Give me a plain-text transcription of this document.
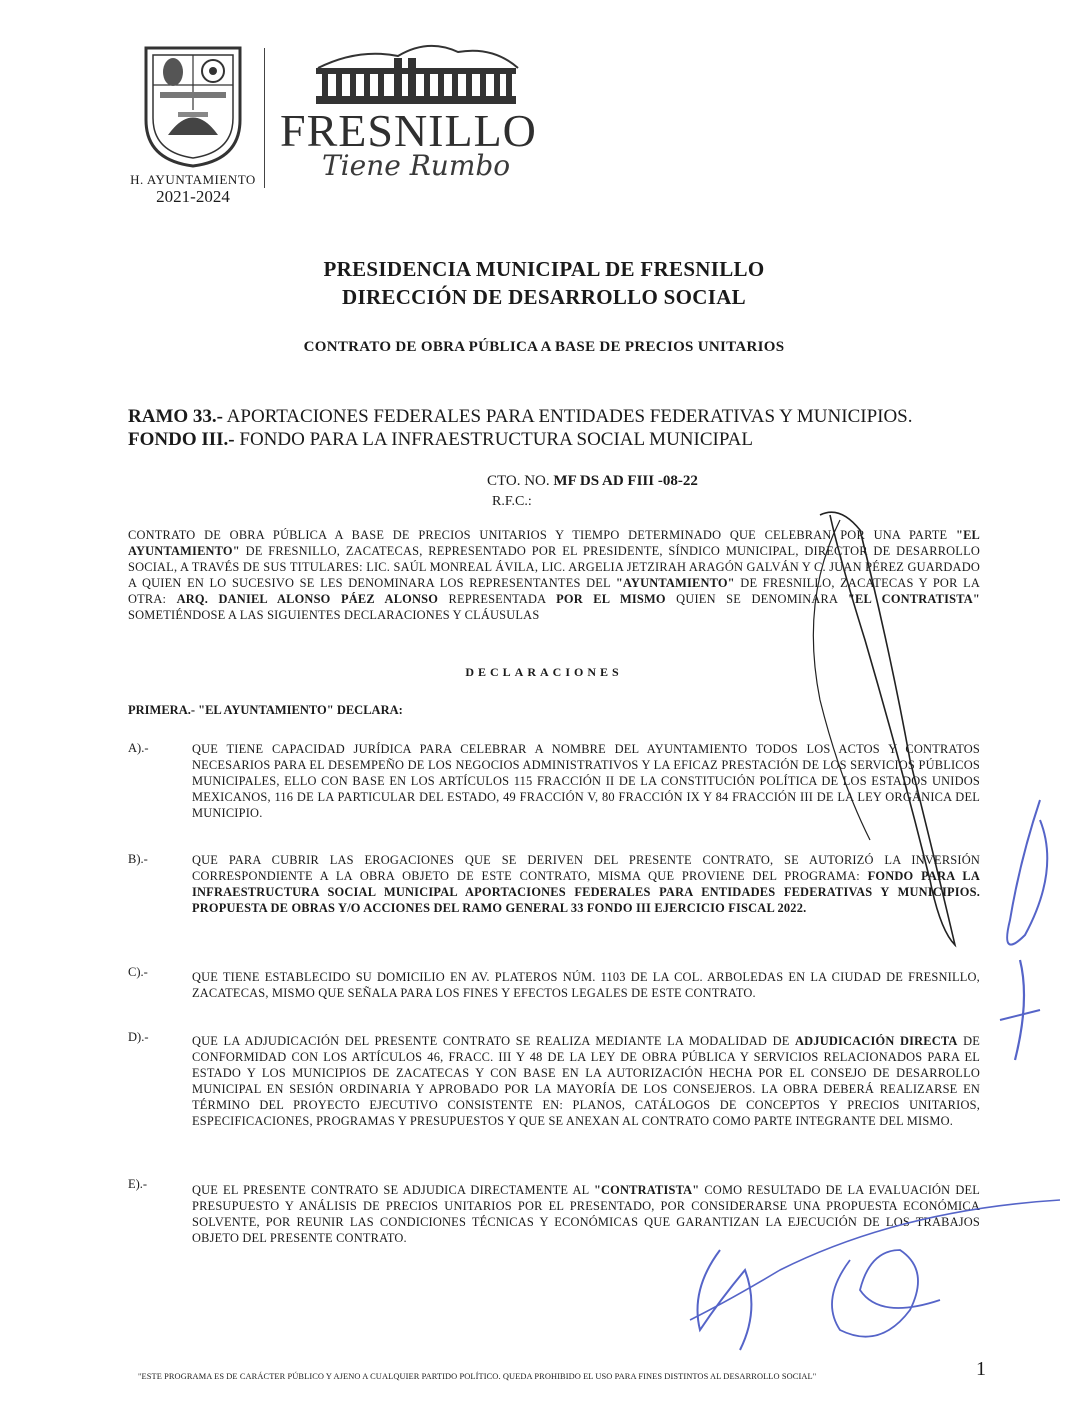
H. AYUNTAMIENTO
2021-2024
FRESNILLO
Tiene Rumbo
PRESIDENCIA MUNICIPAL DE FRESNILLO
DIRECCIÓN DE DESARROLLO SOCIAL
CONTRATO DE OBRA PÚBLICA A BASE DE PRECIOS UNITARIOS
RAMO 33.- APORTACIONES FEDERALES PARA ENTIDADES FEDERATIVAS Y MUNICIPIOS.
FONDO III.- FONDO PARA LA INFRAESTRUCTURA SOCIAL MUNICIPAL
CTO. NO. MF DS AD FIII -08-22
R.F.C.:
CONTRATO DE OBRA PÚBLICA A BASE DE PRECIOS UNITARIOS Y TIEMPO DETERMINADO QUE CELEBRAN POR UNA PARTE "EL AYUNTAMIENTO" DE FRESNILLO, ZACATECAS, REPRESENTADO POR EL PRESIDENTE, SÍNDICO MUNICIPAL, DIRECTOR DE DESARROLLO SOCIAL, A TRAVÉS DE SUS TITULARES: LIC. SAÚL MONREAL ÁVILA, LIC. ARGELIA JETZIRAH ARAGÓN GALVÁN Y C. JUAN PÉREZ GUARDADO A QUIEN EN LO SUCESIVO SE LES DENOMINARA LOS REPRESENTANTES DEL "AYUNTAMIENTO" DE FRESNILLO, ZACATECAS Y POR LA OTRA: ARQ. DANIEL ALONSO PÁEZ ALONSO REPRESENTADA POR EL MISMO QUIEN SE DENOMINARA "EL CONTRATISTA" SOMETIÉNDOSE A LAS SIGUIENTES DECLARACIONES Y CLÁUSULAS
DECLARACIONES
PRIMERA.- "EL AYUNTAMIENTO" DECLARA:
A).-	QUE TIENE CAPACIDAD JURÍDICA PARA CELEBRAR A NOMBRE DEL AYUNTAMIENTO TODOS LOS ACTOS Y CONTRATOS NECESARIOS PARA EL DESEMPEÑO DE LOS NEGOCIOS ADMINISTRATIVOS Y LA EFICAZ PRESTACIÓN DE LOS SERVICIOS PÚBLICOS MUNICIPALES, ELLO CON BASE EN LOS ARTÍCULOS 115 FRACCIÓN II DE LA CONSTITUCIÓN POLÍTICA DE LOS ESTADOS UNIDOS MEXICANOS, 116 DE LA PARTICULAR DEL ESTADO, 49 FRACCIÓN V, 80 FRACCIÓN IX Y 84 FRACCIÓN III DE LA LEY ORGÁNICA DEL MUNICIPIO.
B).-	QUE PARA CUBRIR LAS EROGACIONES QUE SE DERIVEN DEL PRESENTE CONTRATO, SE AUTORIZÓ LA INVERSIÓN CORRESPONDIENTE A LA OBRA OBJETO DE ESTE CONTRATO, MISMA QUE PROVIENE DEL PROGRAMA: FONDO PARA LA INFRAESTRUCTURA SOCIAL MUNICIPAL APORTACIONES FEDERALES PARA ENTIDADES FEDERATIVAS Y MUNICIPIOS. PROPUESTA DE OBRAS Y/O ACCIONES DEL RAMO GENERAL 33 FONDO III EJERCICIO FISCAL 2022.
C).-	QUE TIENE ESTABLECIDO SU DOMICILIO EN AV. PLATEROS NÚM. 1103 DE LA COL. ARBOLEDAS EN LA CIUDAD DE FRESNILLO, ZACATECAS, MISMO QUE SEÑALA PARA LOS FINES Y EFECTOS LEGALES DE ESTE CONTRATO.
D).-	QUE LA ADJUDICACIÓN DEL PRESENTE CONTRATO SE REALIZA MEDIANTE LA MODALIDAD DE ADJUDICACIÓN DIRECTA DE CONFORMIDAD CON LOS ARTÍCULOS 46, FRACC. III Y 48 DE LA LEY DE OBRA PÚBLICA Y SERVICIOS RELACIONADOS PARA EL ESTADO Y LOS MUNICIPIOS DE ZACATECAS Y CON BASE EN LA AUTORIZACIÓN HECHA POR EL CONSEJO DE DESARROLLO MUNICIPAL EN SESIÓN ORDINARIA Y APROBADO POR LA MAYORÍA DE LOS CONSEJEROS. LA OBRA DEBERÁ REALIZARSE EN TÉRMINO DEL PROYECTO EJECUTIVO CONSISTENTE EN: PLANOS, CATÁLOGOS DE CONCEPTOS Y PRECIOS UNITARIOS, ESPECIFICACIONES, PROGRAMAS Y PRESUPUESTOS Y QUE SE ANEXAN AL CONTRATO COMO PARTE INTEGRANTE DEL MISMO.
E).-	QUE EL PRESENTE CONTRATO SE ADJUDICA DIRECTAMENTE AL "CONTRATISTA" COMO RESULTADO DE LA EVALUACIÓN DEL PRESUPUESTO Y ANÁLISIS DE PRECIOS UNITARIOS POR EL PRESENTADO, POR CONSIDERARSE UNA PROPUESTA ECONÓMICA SOLVENTE, POR REUNIR LAS CONDICIONES TÉCNICAS Y ECONÓMICAS QUE GARANTIZAN LA EJECUCIÓN DE LOS TRABAJOS OBJETO DEL PRESENTE CONTRATO.
"ESTE PROGRAMA ES DE CARÁCTER PÚBLICO Y AJENO A CUALQUIER PARTIDO POLÍTICO. QUEDA PROHIBIDO EL USO PARA FINES DISTINTOS AL DESARROLLO SOCIAL"	1
